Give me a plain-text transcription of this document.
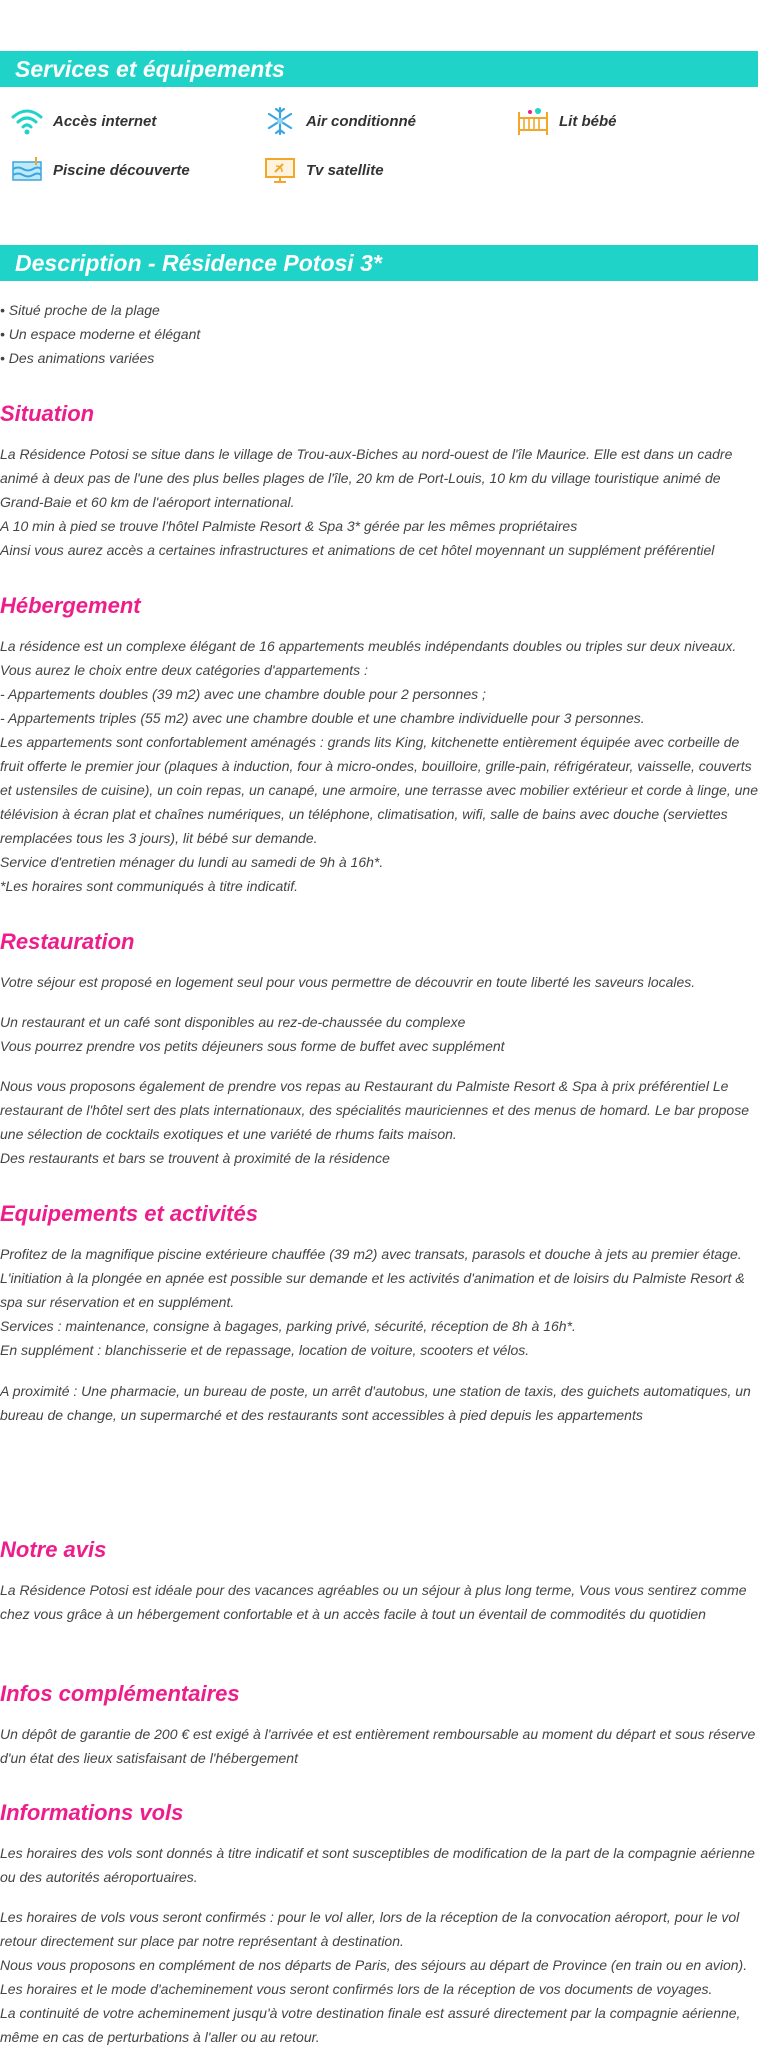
Services et équipements
Accès internet	Air conditionné	Lit bébé
Piscine découverte	Tv satellite
Description - Résidence Potosi 3*
• Situé proche de la plage
• Un espace moderne et élégant
• Des animations variées
Situation
La Résidence Potosi se situe dans le village de Trou-aux-Biches au nord-ouest de l'île Maurice. Elle est dans un cadre animé à deux pas de l'une des plus belles plages de l'île, 20 km de Port-Louis, 10 km du village touristique animé de Grand-Baie et 60 km de l'aéroport international.
A 10 min à pied se trouve l'hôtel Palmiste Resort & Spa 3* gérée par les mêmes propriétaires
Ainsi vous aurez accès a certaines infrastructures et animations de cet hôtel moyennant un supplément préférentiel
Hébergement
La résidence est un complexe élégant de 16 appartements meublés indépendants doubles ou triples sur deux niveaux.
Vous aurez le choix entre deux catégories d'appartements :
- Appartements doubles (39 m2) avec une chambre double pour 2 personnes ;
- Appartements triples (55 m2) avec une chambre double et une chambre individuelle pour 3 personnes.
Les appartements sont confortablement aménagés : grands lits King, kitchenette entièrement équipée avec corbeille de fruit offerte le premier jour (plaques à induction, four à micro-ondes, bouilloire, grille-pain, réfrigérateur, vaisselle, couverts et ustensiles de cuisine), un coin repas, un canapé, une armoire, une terrasse avec mobilier extérieur et corde à linge, une télévision à écran plat et chaînes numériques, un téléphone, climatisation, wifi, salle de bains avec douche (serviettes remplacées tous les 3 jours), lit bébé sur demande.
Service d'entretien ménager du lundi au samedi de 9h à 16h*.
*Les horaires sont communiqués à titre indicatif.
Restauration
Votre séjour est proposé en logement seul pour vous permettre de découvrir en toute liberté les saveurs locales.
Un restaurant et un café sont disponibles au rez-de-chaussée du complexe
Vous pourrez prendre vos petits déjeuners sous forme de buffet avec supplément
Nous vous proposons également de prendre vos repas au Restaurant du Palmiste Resort & Spa à prix préférentiel Le restaurant de l'hôtel sert des plats internationaux, des spécialités mauriciennes et des menus de homard. Le bar propose une sélection de cocktails exotiques et une variété de rhums faits maison.
Des restaurants et bars se trouvent à proximité de la résidence
Equipements et activités
Profitez de la magnifique piscine extérieure chauffée (39 m2) avec transats, parasols et douche à jets au premier étage. L'initiation à la plongée en apnée est possible sur demande et les activités d'animation et de loisirs du Palmiste Resort & spa sur réservation et en supplément.
Services : maintenance, consigne à bagages, parking privé, sécurité, réception de 8h à 16h*.
En supplément : blanchisserie et de repassage, location de voiture, scooters et vélos.
A proximité : Une pharmacie, un bureau de poste, un arrêt d'autobus, une station de taxis, des guichets automatiques, un bureau de change, un supermarché et des restaurants sont accessibles à pied depuis les appartements
Notre avis
La Résidence Potosi est idéale pour des vacances agréables ou un séjour à plus long terme, Vous vous sentirez comme chez vous grâce à un hébergement confortable et à un accès facile à tout un éventail de commodités du quotidien
Infos complémentaires
Un dépôt de garantie de 200 € est exigé à l'arrivée et est entièrement remboursable au moment du départ et sous réserve d'un état des lieux satisfaisant de l'hébergement
Informations vols
Les horaires des vols sont donnés à titre indicatif et sont susceptibles de modification de la part de la compagnie aérienne ou des autorités aéroportuaires.
Les horaires de vols vous seront confirmés : pour le vol aller, lors de la réception de la convocation aéroport, pour le vol retour directement sur place par notre représentant à destination.
Nous vous proposons en complément de nos départs de Paris, des séjours au départ de Province (en train ou en avion).
Les horaires et le mode d'acheminement vous seront confirmés lors de la réception de vos documents de voyages.
La continuité de votre acheminement jusqu'à votre destination finale est assuré directement par la compagnie aérienne, même en cas de perturbations à l'aller ou au retour.
